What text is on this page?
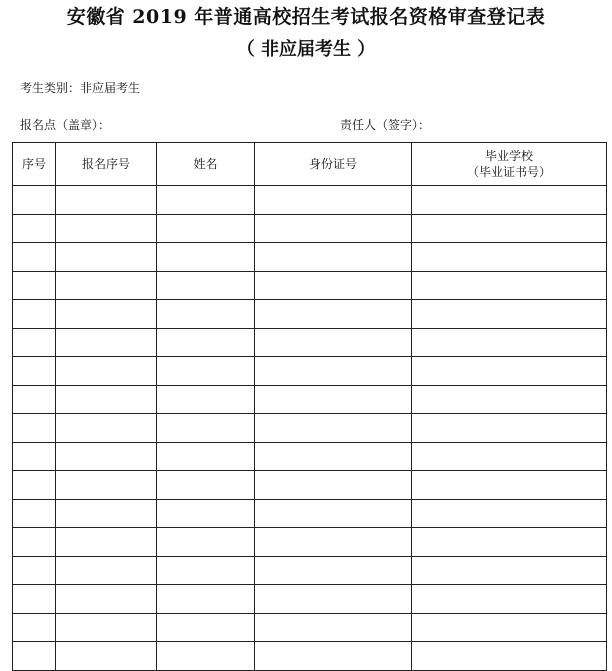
安徽省 2019 年普通高校招生考试报名资格审查登记表
（ 非应届考生 ）
考生类别：非应届考生
报名点（盖章）：	责任人（签字）：
序号	报名序号	姓名	身份证号	毕业学校
（毕业证书号）
